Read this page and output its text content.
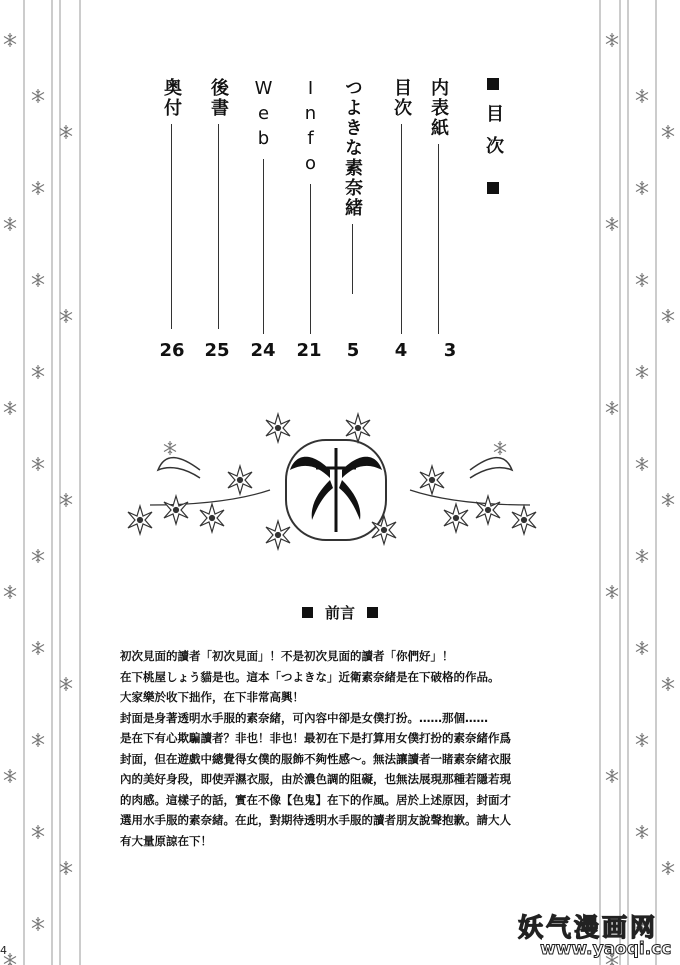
目次
内表紙
3
目次
4
つよきな素奈緒
5
Info
21
Web
24
後書
25
奥付
26
前言
初次見面的讀者「初次見面」！不是初次見面的讀者「你們好」！
在下桃屋しょう貓是也。這本「つよきな」近衛素奈緒是在下破格的作品。
大家樂於收下拙作，在下非常高興！
封面是身著透明水手服的素奈緒，可內容中卻是女僕打扮。……那個……
是在下有心欺騙讀者？非也！非也！最初在下是打算用女僕打扮的素奈緒作爲
封面，但在遊戲中總覺得女僕的服飾不夠性感～。無法讓讀者一睹素奈緒衣服
內的美好身段，即使弄濕衣服，由於濃色調的阻礙，也無法展現那種若隱若現
的肉感。這樣子的話，實在不像【色鬼】在下的作風。居於上述原因，封面才
選用水手服的素奈緒。在此，對期待透明水手服的讀者朋友說聲抱歉。請大人
有大量原諒在下！
妖气漫画网
www.yaoqi.cc
4
